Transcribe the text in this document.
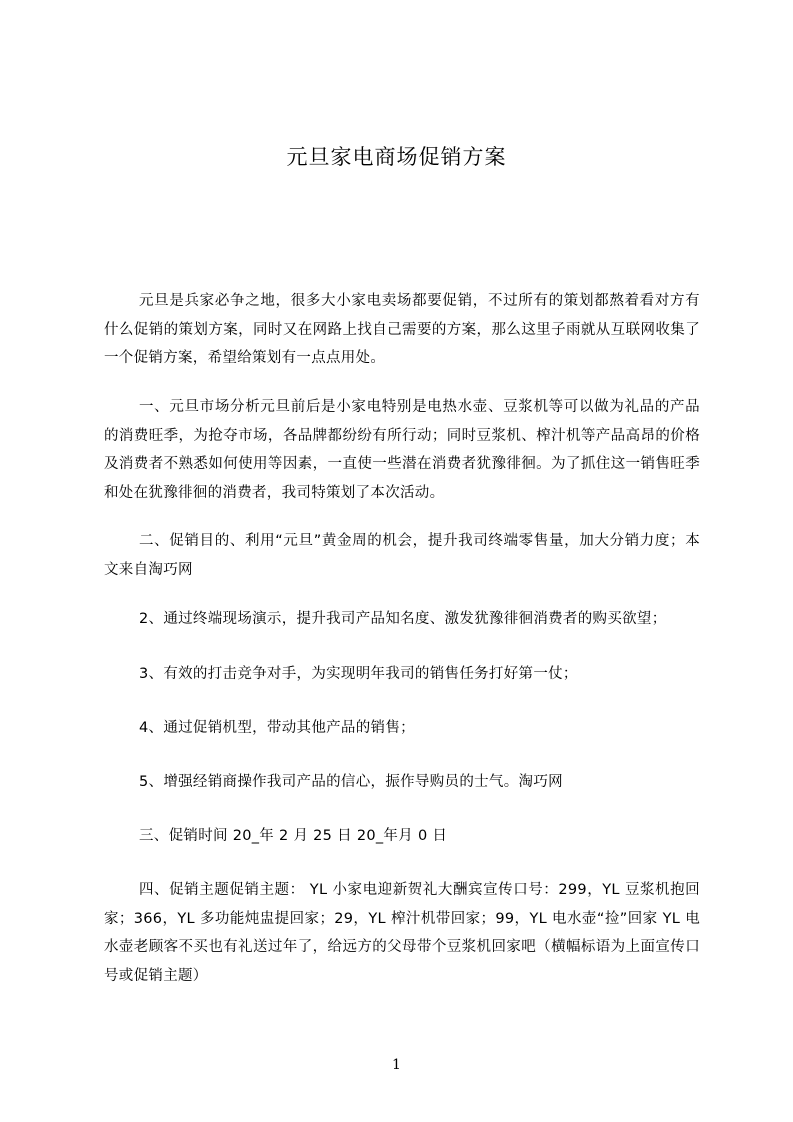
元旦家电商场促销方案

元旦是兵家必争之地，很多大小家电卖场都要促销，不过所有的策划都熬着看对方有什么促销的策划方案，同时又在网路上找自己需要的方案，那么这里子雨就从互联网收集了一个促销方案，希望给策划有一点点用处。

一、元旦市场分析元旦前后是小家电特别是电热水壶、豆浆机等可以做为礼品的产品的消费旺季，为抢夺市场，各品牌都纷纷有所行动；同时豆浆机、榨汁机等产品高昂的价格及消费者不熟悉如何使用等因素，一直使一些潜在消费者犹豫徘徊。为了抓住这一销售旺季和处在犹豫徘徊的消费者，我司特策划了本次活动。

二、促销目的、利用“元旦”黄金周的机会，提升我司终端零售量，加大分销力度；本文来自淘巧网

2、通过终端现场演示，提升我司产品知名度、激发犹豫徘徊消费者的购买欲望；

3、有效的打击竞争对手，为实现明年我司的销售任务打好第一仗；

4、通过促销机型，带动其他产品的销售；

5、增强经销商操作我司产品的信心，振作导购员的士气。淘巧网

三、促销时间 20_年 2 月 25 日 20_年月 0 日

四、促销主题促销主题： YL 小家电迎新贺礼大酬宾宣传口号：299，YL 豆浆机抱回家；366，YL 多功能炖盅提回家；29，YL 榨汁机带回家；99，YL 电水壶“捡”回家 YL 电水壶老顾客不买也有礼送过年了，给远方的父母带个豆浆机回家吧（横幅标语为上面宣传口号或促销主题）

1
